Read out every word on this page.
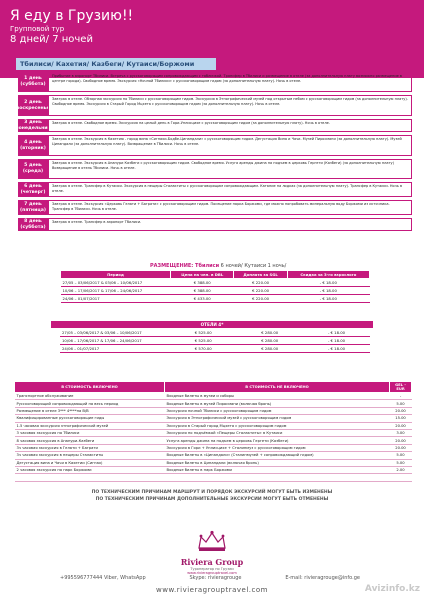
Я еду в Грузию!!
Групповой тур
8 дней/ 7 ночей
Тбилиси/ Кахетия/ Казбеги/ Кутаиси/Боржоми
1 день (суббота)
Прибытие в аэропорт Тбилиси. Встреча с русскоговорящим сопровождающим с табличкой. Трансфер в Тбилиси и размещение в отеле (за дополнительную плату возможно размещение в центре города). Свободное время. Экскурсия «Ночной Тбилиси» с русскоговорящим гидом (за дополнительную плату). Ночь в отеле.
2 день (воскресенье)
Завтрак в отеле. Обзорная экскурсия по Тбилиси с русскоговорящим гидом. Экскурсия в Этнографический музей под открытым небом с русскоговорящим гидом (за дополнительную плату). Свободное время. Экскурсия в Старый Город Мцхета с русскоговорящим гидом (за дополнительную плату). Ночь в отеле.
3 день (понедельник)
Завтрак в отеле. Свободное время. Экскурсия на целый день в Гори-Уплисцихе с русскоговорящим гидом (за дополнительную плату). Ночь в отеле.
4 день (вторник)
Завтрак в отеле. Экскурсия в Кахетию - город вина «Сигнахи-Бодбе-Цинандали» с русскоговорящим гидом. Дегустация Вина и Чачи. Музей Пиросмани (за дополнительную плату). Музей Цинандали (за дополнительную плату). Возвращение в Тбилиси. Ночь в отеле.
5 день (среда)
Завтрак в отеле. Экскурсия в Ананури Казбеги с русскоговорящим гидом. Свободное время. Услуга аренды джипа на подъем в церковь Гергети (Казбеги) (за дополнительную плату) Возвращение в отель Тбилиси. Ночь в отеле.
6 день (четверг)
Завтрак в отеле. Трансфер в Кутаиси. Экскурсия в пещеры Сталактиты с русскоговорящим сопровождающим. Катание на лодках (за дополнительную плату). Трансфер в Кутаиси. Ночь в отеле.
7 день (пятница)
Завтрак в отеле. Экскурсия «Церковь Гелати + Баграти» с русскоговорящим гидом. Посещение парка Боржоми, где можно попробовать минеральную воду Боржоми из источника. Трансфер в Тбилиси. Ночь в отеле.
8 день (суббота)
Завтрак в отеле. Трансфер в аэропорт Тбилиси.
РАЗМЕЩЕНИЕ: Тбилиси 6 ночей/ Кутаиси 1 ночь/
Период	Цена на чел. в DBL	Доплата за SGL	Скидка за 3-го взрослого
27/05 – 03/06/2017 & 03/06 – 10/06/2017	€ 388.00	€ 220.00	- € 18.00
10/06 – 17/06/2017 & 17/06 – 24/06/2017	€ 388.00	€ 220.00	- € 18.00
24/06 – 01/07/2017	€ 433.00	€ 220.00	- € 18.00
ОТЕЛИ 4*
27/05 – 03/06/2017 & 03/06 – 10/06/2017	€ 525.00	€ 280.00	- € 18.00
10/06 – 17/06/2017 & 17/06 – 24/06/2017	€ 525.00	€ 280.00	- € 18.00
24/06 – 01/07/2017	€ 570.00	€ 280.00	- € 18.00
В СТОИМОСТЬ ВКЛЮЧЕНО	В СТОИМОСТЬ НЕ ВКЛЮЧЕНО	GEL - EUR
Транспортное обслуживание	Входные билеты в музеи и соборы	-
Русскоговорящий сопровождающий на весь период	Входные билеты в музей Пиросмани (включая бронь)	5.00
Размещение в отеле 3*** 4****на В/В	Экскурсия ночной Тбилиси с русскоговорящим гидом	20.00
Квалифицированные русскоговорящие гиды	Экскурсия в Этнографический музей с русскоговорящим гидом	15.00
1.5 часовая экскурсия этнографический музей	Экскурсия в Старый город Мцхета с русскоговорящим гидом	20.00
3 часовая экскурсия по Тбилиси	Экскурсия по подъёмкой «Пещеры Сталактиты» в Кутаиси	3.00
8 часовая экскурсия в Ананури-Казбеги	Услуга аренды джипа на подъем в церковь Гергети (Казбеги)	20.00
3ч часовая экскурсия в Гелати + Баграти	Экскурсия в Гори + Уплисцихе + Сталинмуз с русскоговорящим гидом	20.00
3ч часовая экскурсия в пещеры Сталактиты	Входные билеты в «Цинандали» (Сталинмузей + сопровождающий гидом)	5.00
Дегустация вина и Чачи в Кахетии (Сигнах)	Входные билеты в Цинандали (включая бронь)	5.00
2 часовая экскурсия по парк Боржоми	Входные билеты в парк Боржоми	2.00

ПО ТЕХНИЧЕСКИМ ПРИЧИНАМ МАРШРУТ И ПОРЯДОК ЭКСКУРСИЙ МОГУТ БЫТЬ ИЗМЕНЕНЫ
ПО ТЕХНИЧЕСКИМ ПРИЧИНАМ ДОПОЛНИТЕЛЬНЫЕ ЭКСКУРСИИ МОГУТ БЫТЬ ОТМЕНЕНЫ
Riviera Group
Туроператор по Грузии
www.rivieragrouptravel.com
+995596777444 Viber, WhatsApp	Skype: rivieragrouge	E-mail: rivieragrouge@info.ge
www.rivieragrouptravel.com	Avizinfo.kz
